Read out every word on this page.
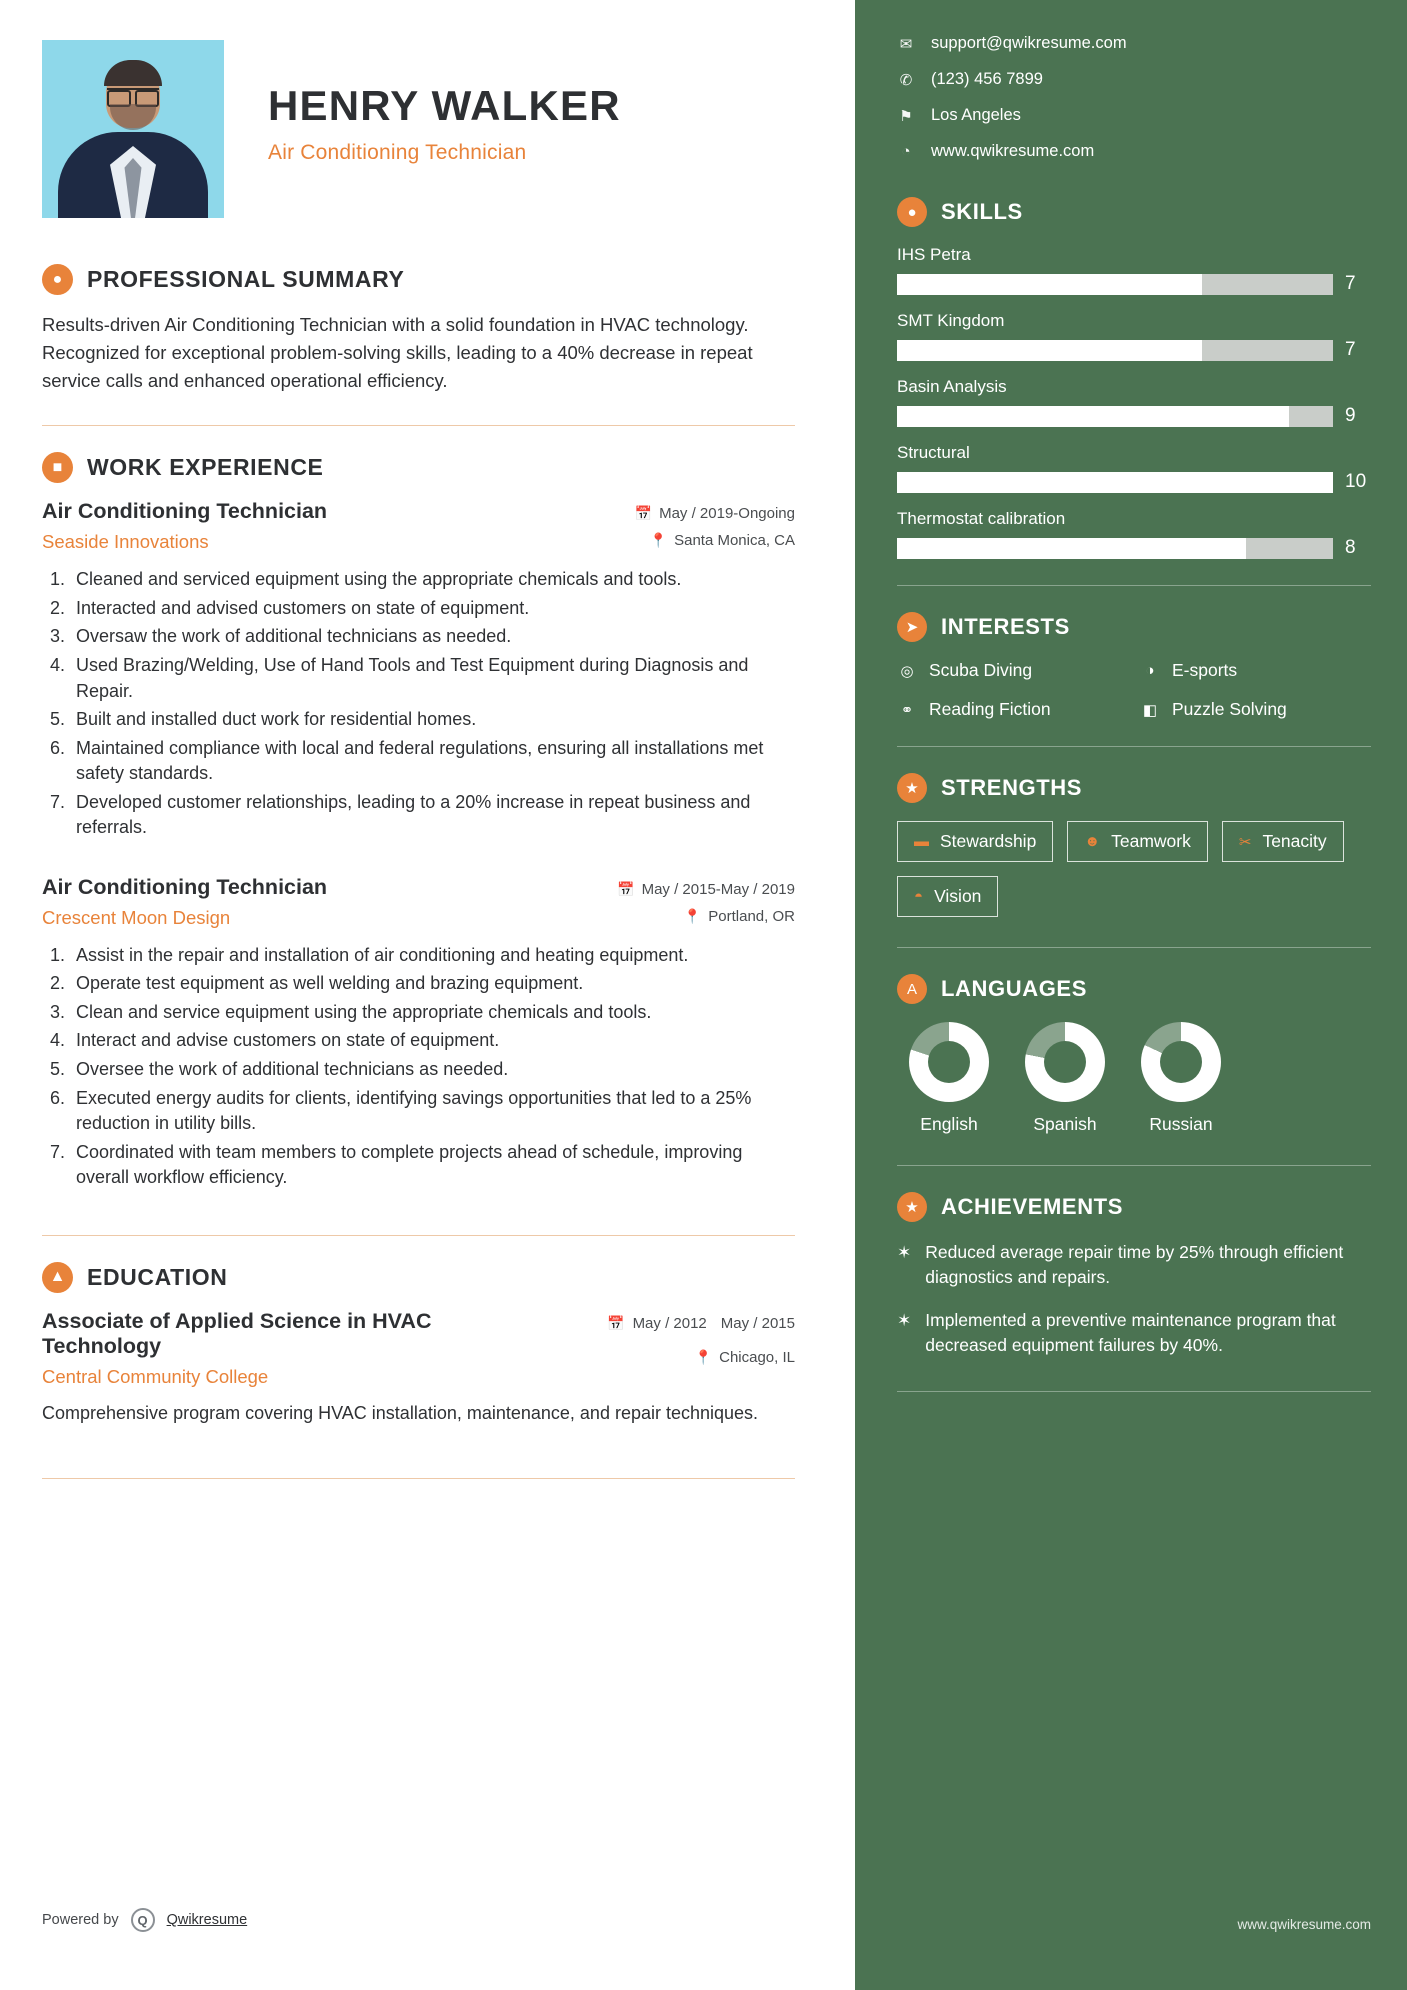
HENRY WALKER
Air Conditioning Technician
●	PROFESSIONAL SUMMARY
Results-driven Air Conditioning Technician with a solid foundation in HVAC technology. Recognized for exceptional problem-solving skills, leading to a 40% decrease in repeat service calls and enhanced operational efficiency.
■	WORK EXPERIENCE
Air Conditioning Technician
Seaside Innovations
📅 May / 2019-Ongoing
📍 Santa Monica, CA
1. Cleaned and serviced equipment using the appropriate chemicals and tools.
2. Interacted and advised customers on state of equipment.
3. Oversaw the work of additional technicians as needed.
4. Used Brazing/Welding, Use of Hand Tools and Test Equipment during Diagnosis and Repair.
5. Built and installed duct work for residential homes.
6. Maintained compliance with local and federal regulations, ensuring all installations met safety standards.
7. Developed customer relationships, leading to a 20% increase in repeat business and referrals.
Air Conditioning Technician
Crescent Moon Design
📅 May / 2015-May / 2019
📍 Portland, OR
1. Assist in the repair and installation of air conditioning and heating equipment.
2. Operate test equipment as well welding and brazing equipment.
3. Clean and service equipment using the appropriate chemicals and tools.
4. Interact and advise customers on state of equipment.
5. Oversee the work of additional technicians as needed.
6. Executed energy audits for clients, identifying savings opportunities that led to a 25% reduction in utility bills.
7. Coordinated with team members to complete projects ahead of schedule, improving overall workflow efficiency.
▲ EDUCATION
Associate of Applied Science in HVAC Technology
Central Community College
📅 May / 2012 May / 2015
📍 Chicago, IL
Comprehensive program covering HVAC installation, maintenance, and repair techniques.
Powered by	Q	Qwikresume
✉ support@qwikresume.com
✆ (123) 456 7899
⚑ Los Angeles
◔ www.qwikresume.com
●	SKILLS
IHS Petra
7
SMT Kingdom
7
Basin Analysis
9
Structural
10
Thermostat calibration
8
➤	INTERESTS
◎ Scuba Diving	◑ E-sports
⚭ Reading Fiction	◧ Puzzle Solving
★	STRENGTHS
▬ Stewardship	☻ Teamwork	✂ Tenacity
◓ Vision
A	LANGUAGES
English	Spanish	Russian
★	ACHIEVEMENTS
✶ Reduced average repair time by 25% through efficient diagnostics and repairs.
✶ Implemented a preventive maintenance program that decreased equipment failures by 40%.
www.qwikresume.com
